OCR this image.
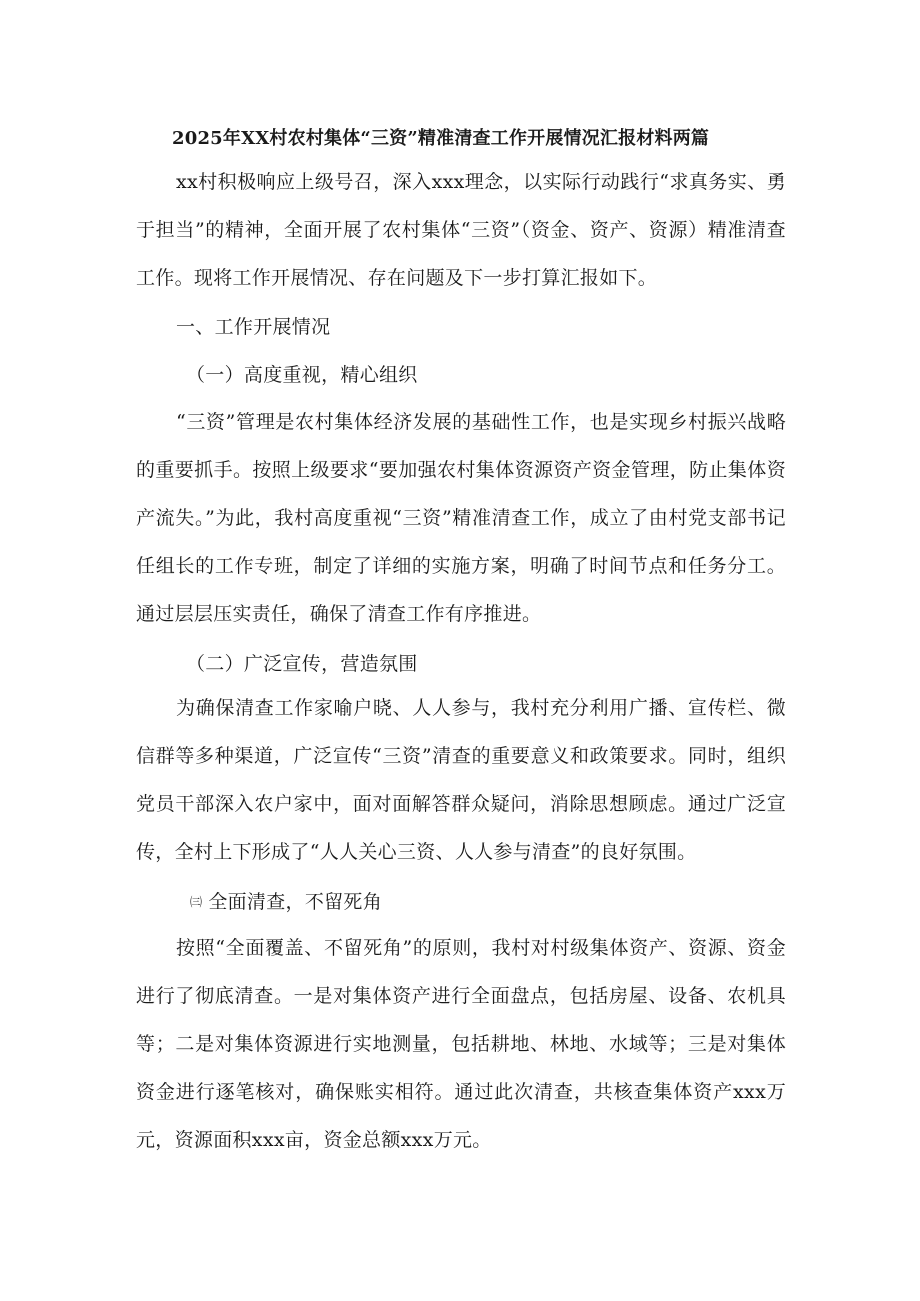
2025年XX村农村集体“三资”精准清查工作开展情况汇报材料两篇

xx村积极响应上级号召，深入xxx理念，以实际行动践行“求真务实、勇于担当”的精神，全面开展了农村集体“三资”（资金、资产、资源）精准清查工作。现将工作开展情况、存在问题及下一步打算汇报如下。

一、工作开展情况
（一）高度重视，精心组织

“三资”管理是农村集体经济发展的基础性工作，也是实现乡村振兴战略的重要抓手。按照上级要求“要加强农村集体资源资产资金管理，防止集体资产流失。”为此，我村高度重视“三资”精准清查工作，成立了由村党支部书记任组长的工作专班，制定了详细的实施方案，明确了时间节点和任务分工。通过层层压实责任，确保了清查工作有序推进。

（二）广泛宣传，营造氛围

为确保清查工作家喻户晓、人人参与，我村充分利用广播、宣传栏、微信群等多种渠道，广泛宣传“三资”清查的重要意义和政策要求。同时，组织党员干部深入农户家中，面对面解答群众疑问，消除思想顾虑。通过广泛宣传，全村上下形成了“人人关心三资、人人参与清查”的良好氛围。

㈢ 全面清查，不留死角

按照“全面覆盖、不留死角”的原则，我村对村级集体资产、资源、资金进行了彻底清查。一是对集体资产进行全面盘点，包括房屋、设备、农机具等；二是对集体资源进行实地测量，包括耕地、林地、水域等；三是对集体资金进行逐笔核对，确保账实相符。通过此次清查，共核查集体资产xxx万元，资源面积xxx亩，资金总额xxx万元。
